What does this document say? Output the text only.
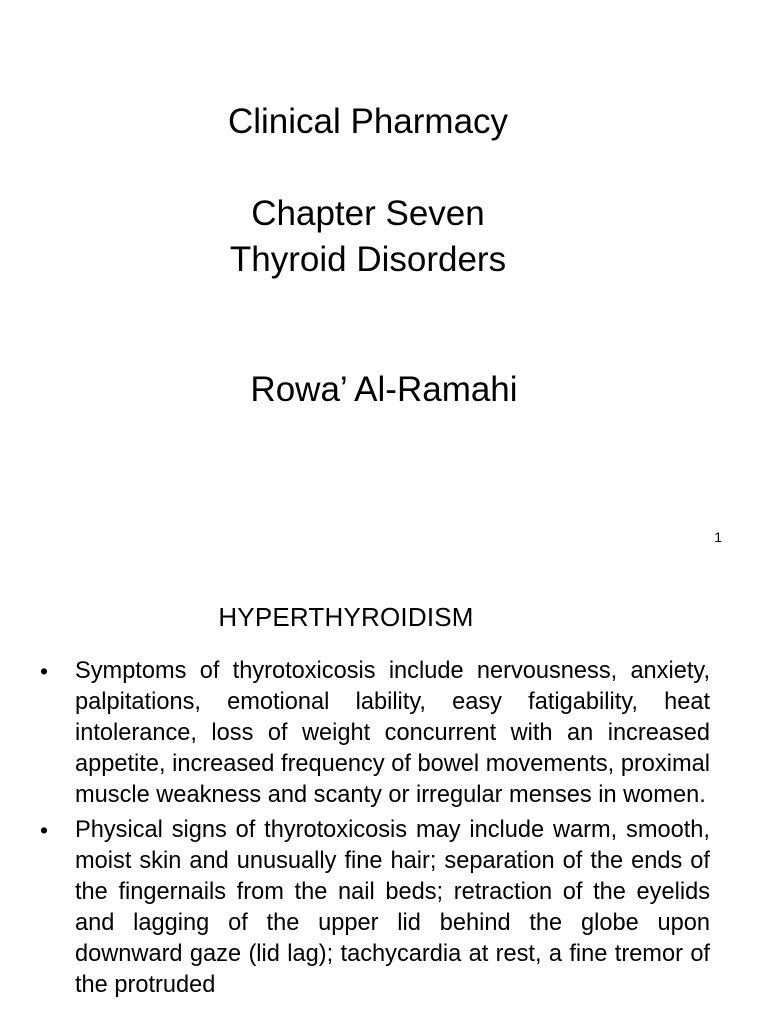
Clinical Pharmacy
Chapter Seven
Thyroid Disorders
Rowa’ Al-Ramahi
1
HYPERTHYROIDISM
• Symptoms of thyrotoxicosis include nervousness, anxiety, palpitations, emotional lability, easy fatigability, heat intolerance, loss of weight concurrent with an increased appetite, increased frequency of bowel movements, proximal muscle weakness and scanty or irregular menses in women.
• Physical signs of thyrotoxicosis may include warm, smooth, moist skin and unusually fine hair; separation of the ends of the fingernails from the nail beds; retraction of the eyelids and lagging of the upper lid behind the globe upon downward gaze (lid lag); tachycardia at rest, a fine tremor of the protruded
